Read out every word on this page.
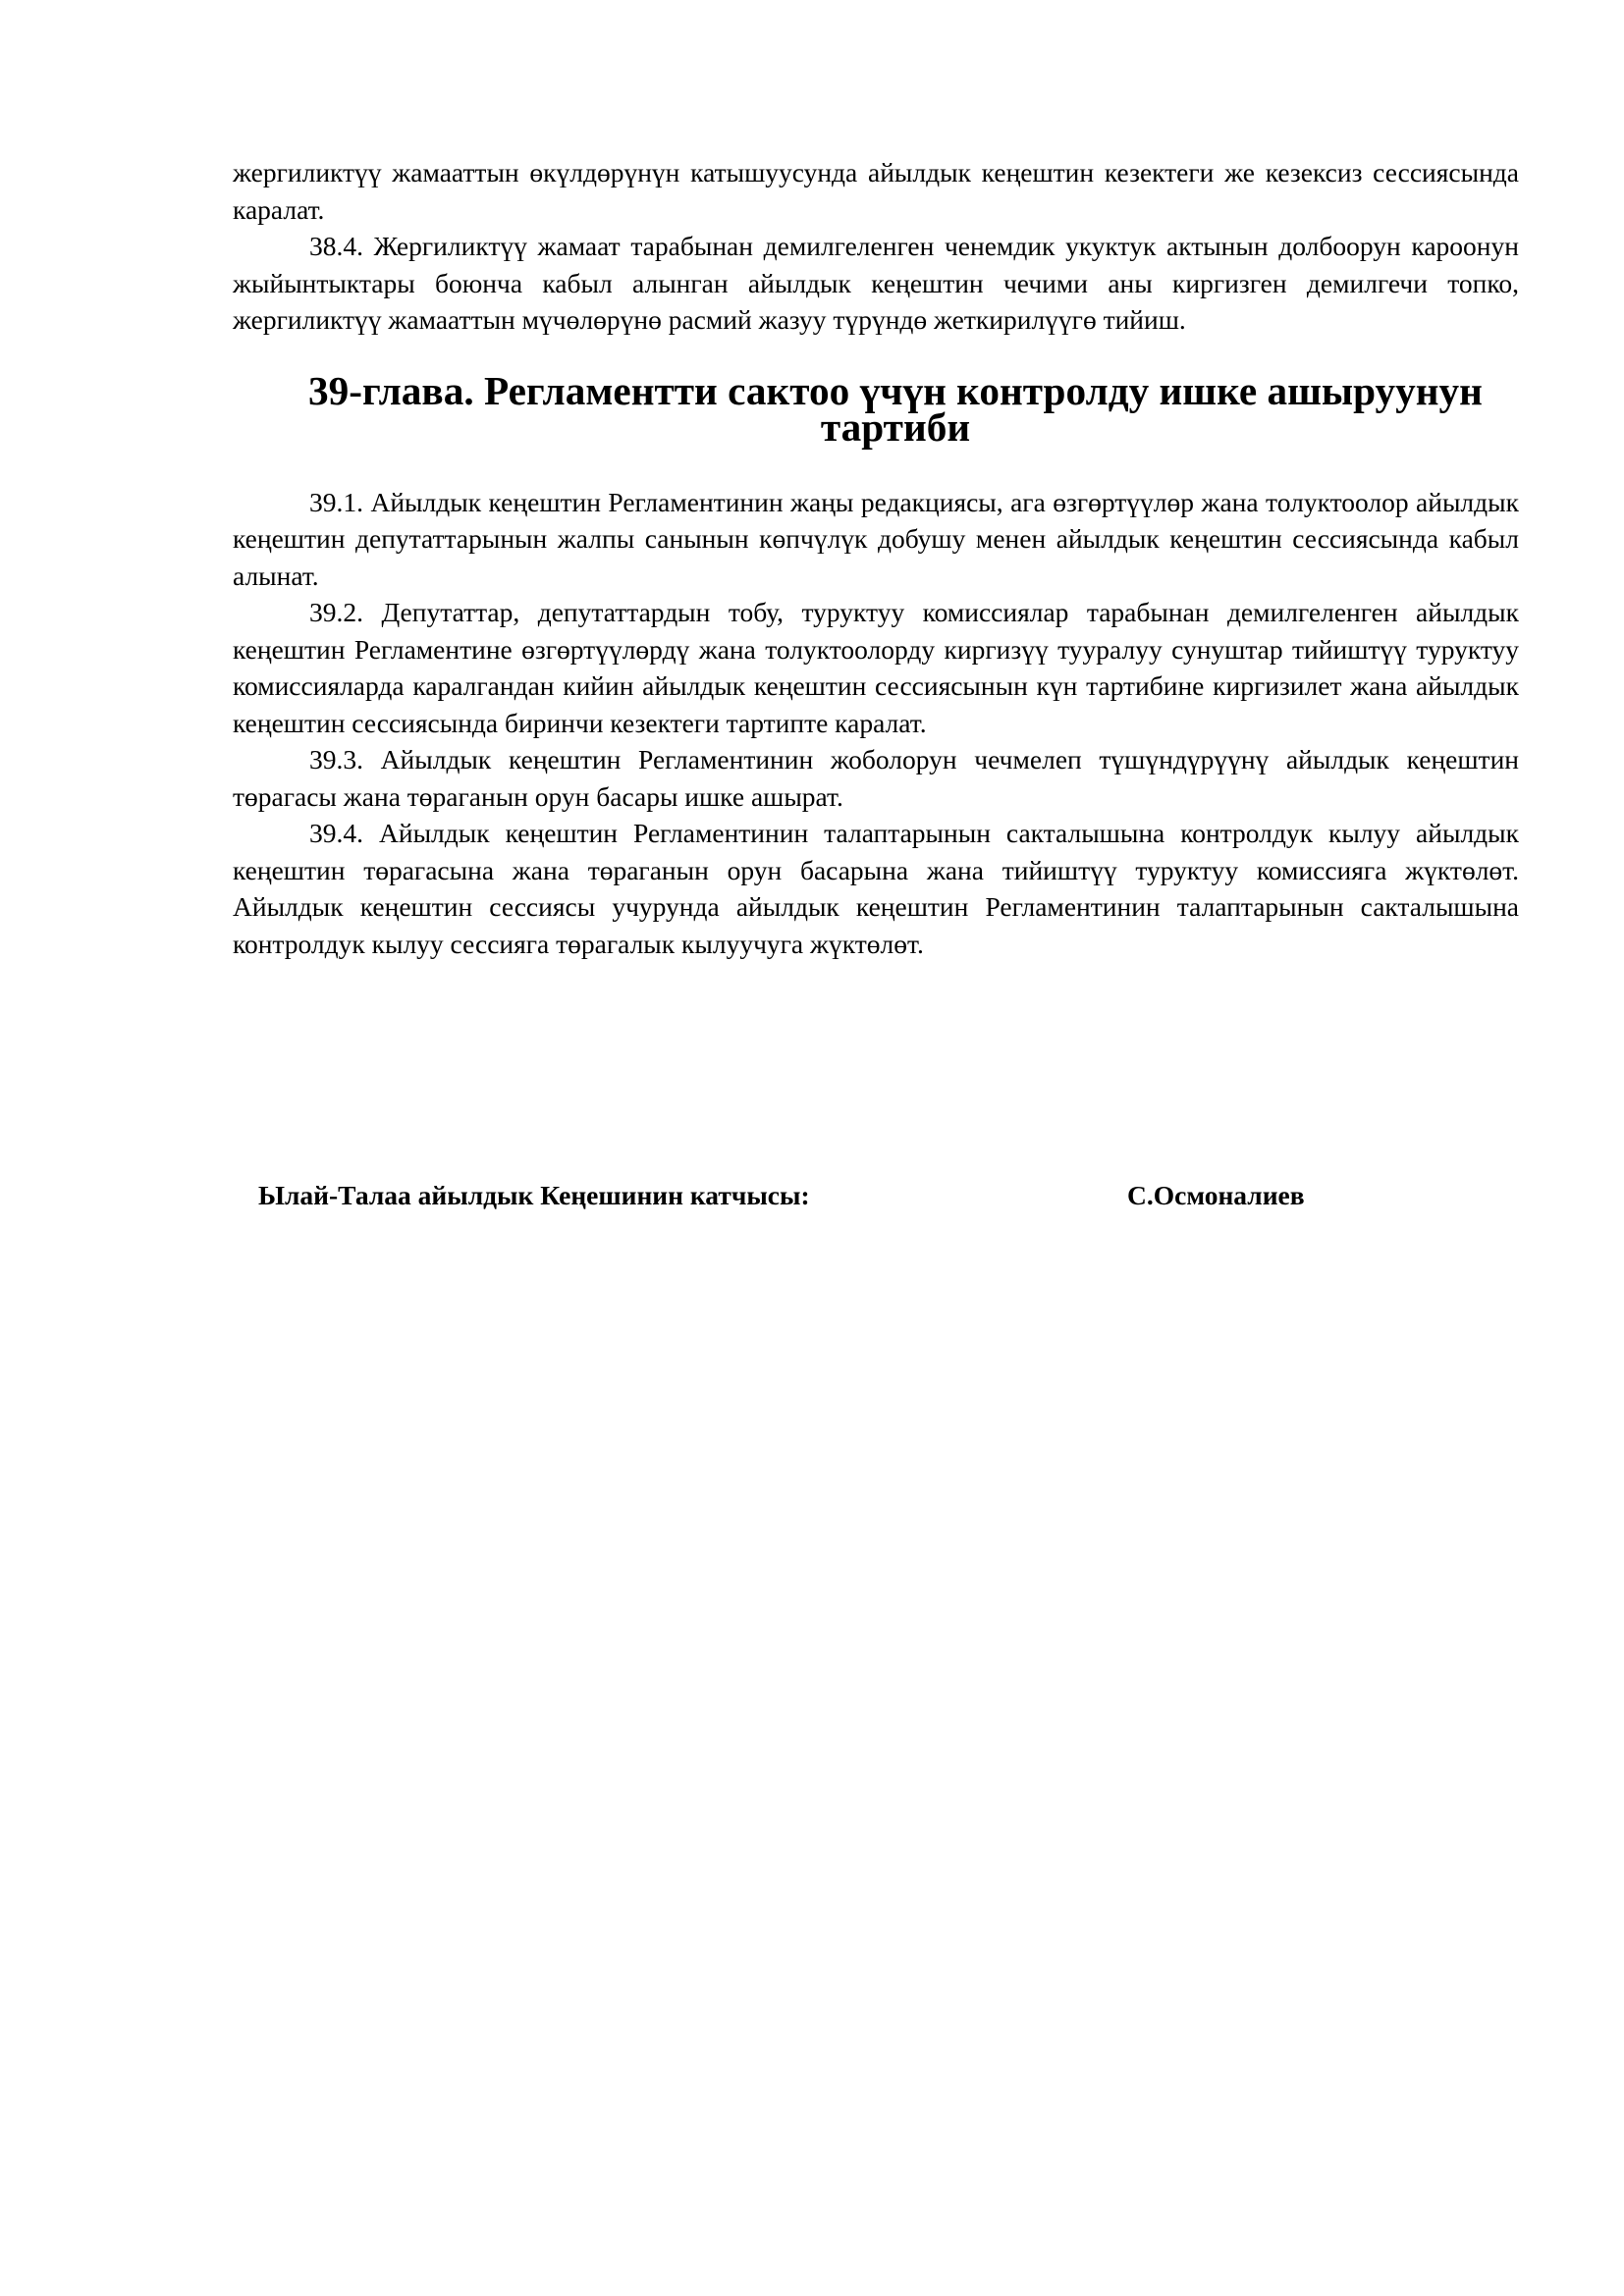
жергиликтүү жамааттын өкүлдөрүнүн катышуусунда айылдык кеңештин кезектеги же кезексиз сессиясында каралат.

38.4. Жергиликтүү жамаат тарабынан демилгеленген ченемдик укуктук актынын долбоорун кароонун жыйынтыктары боюнча кабыл алынган айылдык кеңештин чечими аны киргизген демилгечи топко, жергиликтүү жамааттын мүчөлөрүнө расмий жазуу түрүндө жеткирилүүгө тийиш.

39-глава. Регламентти сактоо үчүн контролду ишке ашыруунун тартиби

39.1. Айылдык кеңештин Регламентинин жаңы редакциясы, ага өзгөртүүлөр жана толуктоолор айылдык кеңештин депутаттарынын жалпы санынын көпчүлүк добушу менен айылдык кеңештин сессиясында кабыл алынат.

39.2. Депутаттар, депутаттардын тобу, туруктуу комиссиялар тарабынан демилгеленген айылдык кеңештин Регламентине өзгөртүүлөрдү жана толуктоолорду киргизүү тууралуу сунуштар тийиштүү туруктуу комиссияларда каралгандан кийин айылдык кеңештин сессиясынын күн тартибине киргизилет жана айылдык кеңештин сессиясында биринчи кезектеги тартипте каралат.

39.3. Айылдык кеңештин Регламентинин жоболорун чечмелеп түшүндүрүүнү айылдык кеңештин төрагасы жана төраганын орун басары ишке ашырат.

39.4. Айылдык кеңештин Регламентинин талаптарынын сакталышына контролдук кылуу айылдык кеңештин төрагасына жана төраганын орун басарына жана тийиштүү туруктуу комиссияга жүктөлөт. Айылдык кеңештин сессиясы учурунда айылдык кеңештин Регламентинин талаптарынын сакталышына контролдук кылуу сессияга төрагалык кылуучуга жүктөлөт.

Ылай-Талаа айылдык Кеңешинин катчысы:	С.Осмоналиев
